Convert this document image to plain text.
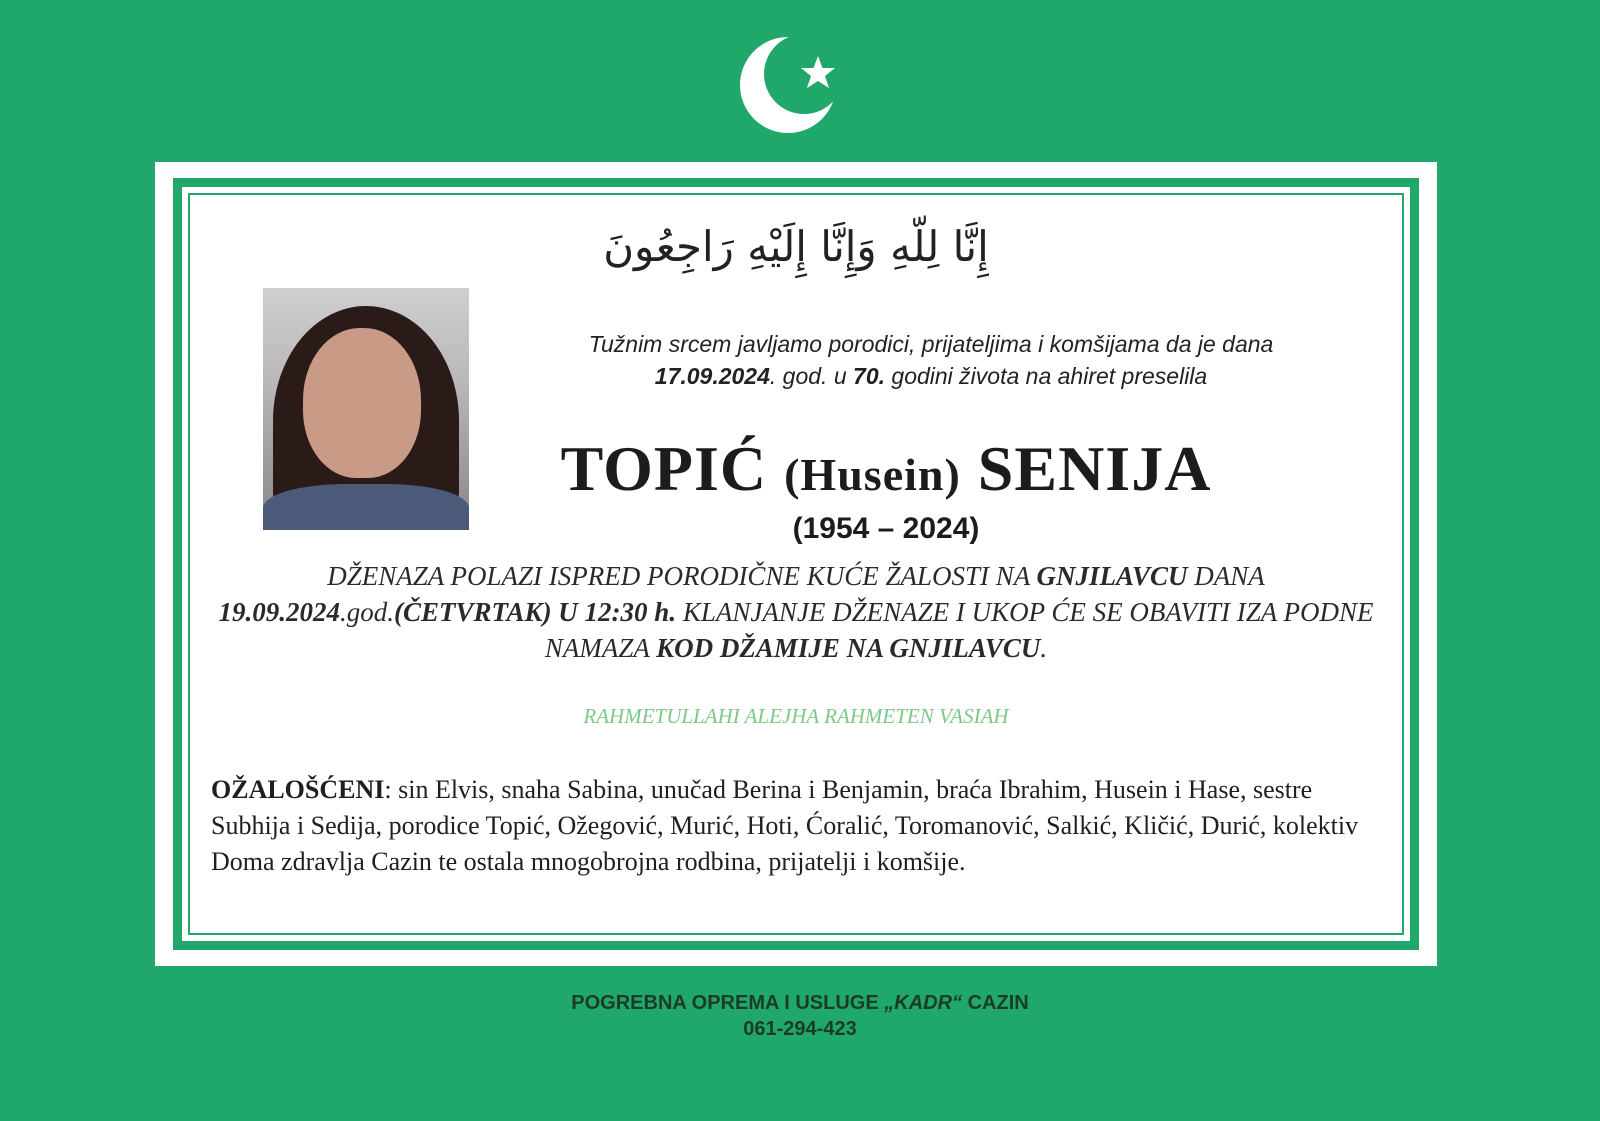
إِنَّا لِلّهِ وَإِنَّا إِلَيْهِ رَاجِعُونَ
Tužnim srcem javljamo porodici, prijateljima i komšijama da je dana
17.09.2024. god. u 70. godini života na ahiret preselila
TOPIĆ (Husein) SENIJA
(1954 – 2024)
DŽENAZA POLAZI ISPRED PORODIČNE KUĆE ŽALOSTI NA GNJILAVCU DANA
19.09.2024.god.(ČETVRTAK) U 12:30 h. KLANJANJE DŽENAZE I UKOP ĆE SE OBAVITI IZA PODNE NAMAZA KOD DŽAMIJE NA GNJILAVCU.
RAHMETULLAHI ALEJHA RAHMETEN VASIAH
OŽALOŠĆENI: sin Elvis, snaha Sabina, unučad Berina i Benjamin, braća Ibrahim, Husein i Hase, sestre Subhija i Sedija, porodice Topić, Ožegović, Murić, Hoti, Ćoralić, Toromanović, Salkić, Kličić, Durić, kolektiv Doma zdravlja Cazin te ostala mnogobrojna rodbina, prijatelji i komšije.
POGREBNA OPREMA I USLUGE „KADR“ CAZIN
061-294-423
